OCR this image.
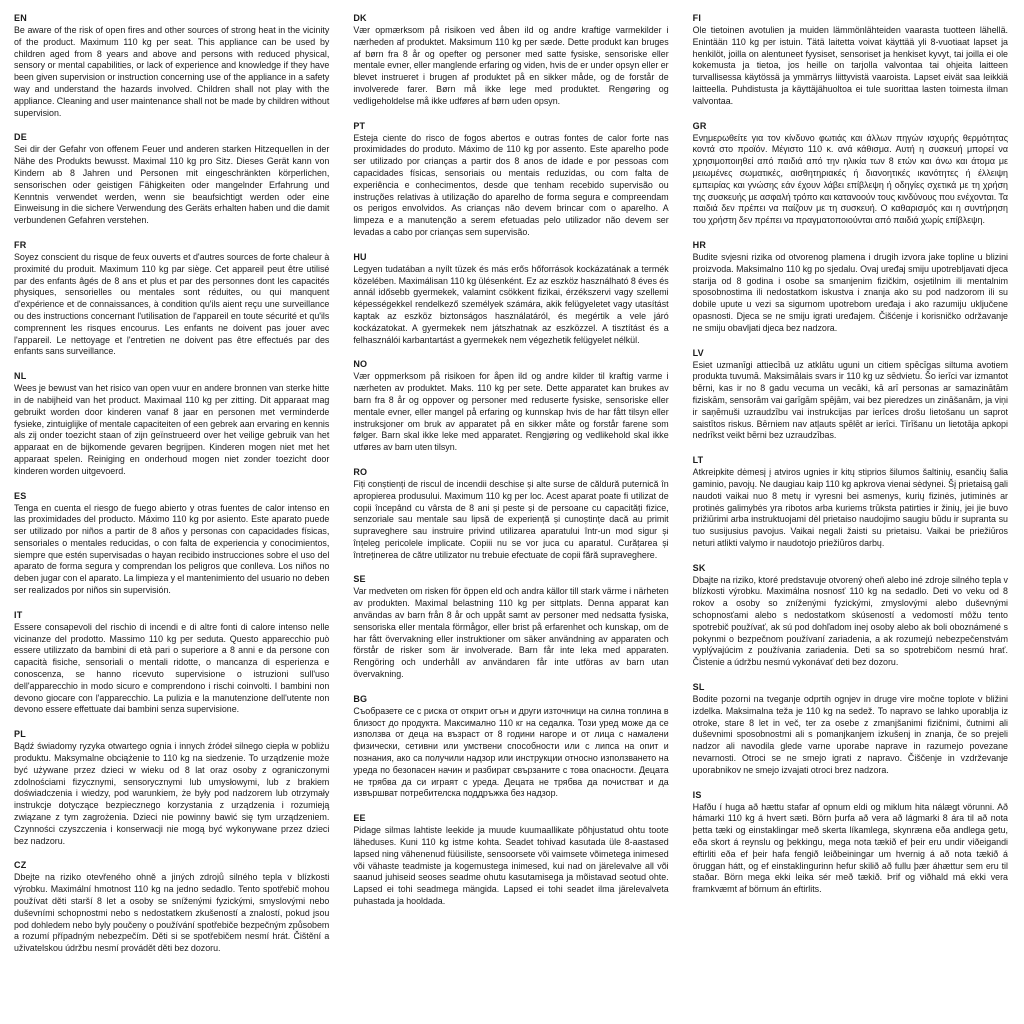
EN

Be aware of the risk of open fires and other sources of strong heat in the vicinity of the product. Maximum 110 kg per seat. This appliance can be used by children aged from 8 years and above and persons with reduced physical, sensory or mental capabilities, or lack of experience and knowledge if they have been given supervision or instruction concerning use of the appliance in a safety way and understand the hazards involved. Children shall not play with the appliance. Cleaning and user maintenance shall not be made by children without supervision.

DE

Sei dir der Gefahr von offenem Feuer und anderen starken Hitzequellen in der Nähe des Produkts bewusst. Maximal 110 kg pro Sitz. Dieses Gerät kann von Kindern ab 8 Jahren und Personen mit eingeschränkten körperlichen, sensorischen oder geistigen Fähigkeiten oder mangelnder Erfahrung und Kenntnis verwendet werden, wenn sie beaufsichtigt werden oder eine Einweisung in die sichere Verwendung des Geräts erhalten haben und die damit verbundenen Gefahren verstehen.

FR

Soyez conscient du risque de feux ouverts et d'autres sources de forte chaleur à proximité du produit. Maximum 110 kg par siège. Cet appareil peut être utilisé par des enfants âgés de 8 ans et plus et par des personnes dont les capacités physiques, sensorielles ou mentales sont réduites, ou qui manquent d'expérience et de connaissances, à condition qu'ils aient reçu une surveillance ou des instructions concernant l'utilisation de l'appareil en toute sécurité et qu'ils comprennent les risques encourus. Les enfants ne doivent pas jouer avec l'appareil. Le nettoyage et l'entretien ne doivent pas être effectués par des enfants sans surveillance.

NL

Wees je bewust van het risico van open vuur en andere bronnen van sterke hitte in de nabijheid van het product. Maximaal 110 kg per zitting. Dit apparaat mag gebruikt worden door kinderen vanaf 8 jaar en personen met verminderde fysieke, zintuiglijke of mentale capaciteiten of een gebrek aan ervaring en kennis als zij onder toezicht staan of zijn geïnstrueerd over het veilige gebruik van het apparaat en de bijkomende gevaren begrijpen. Kinderen mogen niet met het apparaat spelen. Reiniging en onderhoud mogen niet zonder toezicht door kinderen worden uitgevoerd.

ES

Tenga en cuenta el riesgo de fuego abierto y otras fuentes de calor intenso en las proximidades del producto. Máximo 110 kg por asiento. Este aparato puede ser utilizado por niños a partir de 8 años y personas con capacidades físicas, sensoriales o mentales reducidas, o con falta de experiencia y conocimientos, siempre que estén supervisadas o hayan recibido instrucciones sobre el uso del aparato de forma segura y comprendan los peligros que conlleva. Los niños no deben jugar con el aparato. La limpieza y el mantenimiento del usuario no deben ser realizados por niños sin supervisión.

IT

Essere consapevoli del rischio di incendi e di altre fonti di calore intenso nelle vicinanze del prodotto. Massimo 110 kg per seduta. Questo apparecchio può essere utilizzato da bambini di età pari o superiore a 8 anni e da persone con capacità fisiche, sensoriali o mentali ridotte, o mancanza di esperienza e conoscenza, se hanno ricevuto supervisione o istruzioni sull'uso dell'apparecchio in modo sicuro e comprendono i rischi coinvolti. I bambini non devono giocare con l'apparecchio. La pulizia e la manutenzione dell'utente non devono essere effettuate dai bambini senza supervisione.

PL

Bądź świadomy ryzyka otwartego ognia i innych źródeł silnego ciepła w pobliżu produktu. Maksymalne obciążenie to 110 kg na siedzenie. To urządzenie może być używane przez dzieci w wieku od 8 lat oraz osoby z ograniczonymi zdolnościami fizycznymi, sensorycznymi lub umysłowymi, lub z brakiem doświadczenia i wiedzy, pod warunkiem, że były pod nadzorem lub otrzymały instrukcje dotyczące bezpiecznego korzystania z urządzenia i rozumieją związane z tym zagrożenia. Dzieci nie powinny bawić się tym urządzeniem. Czynności czyszczenia i konserwacji nie mogą być wykonywane przez dzieci bez nadzoru.

CZ

Dbejte na riziko otevřeného ohně a jiných zdrojů silného tepla v blízkosti výrobku. Maximální hmotnost 110 kg na jedno sedadlo. Tento spotřebič mohou používat děti starší 8 let a osoby se sníženými fyzickými, smyslovými nebo duševními schopnostmi nebo s nedostatkem zkušeností a znalostí, pokud jsou pod dohledem nebo byly poučeny o používání spotřebiče bezpečným způsobem a rozumí případným nebezpečím. Děti si se spotřebičem nesmí hrát. Čištění a uživatelskou údržbu nesmí provádět děti bez dozoru.

DK

Vær opmærksom på risikoen ved åben ild og andre kraftige varmekilder i nærheden af produktet. Maksimum 110 kg per sæde. Dette produkt kan bruges af børn fra 8 år og opefter og personer med satte fysiske, sensoriske eller mentale evner, eller manglende erfaring og viden, hvis de er under opsyn eller er blevet instrueret i brugen af produktet på en sikker måde, og de forstår de involverede farer. Børn må ikke lege med produktet. Rengøring og vedligeholdelse må ikke udføres af børn uden opsyn.

PT

Esteja ciente do risco de fogos abertos e outras fontes de calor forte nas proximidades do produto. Máximo de 110 kg por assento. Este aparelho pode ser utilizado por crianças a partir dos 8 anos de idade e por pessoas com capacidades físicas, sensoriais ou mentais reduzidas, ou com falta de experiência e conhecimentos, desde que tenham recebido supervisão ou instruções relativas à utilização do aparelho de forma segura e compreendam os perigos envolvidos. As crianças não devem brincar com o aparelho. A limpeza e a manutenção a serem efetuadas pelo utilizador não devem ser levadas a cabo por crianças sem supervisão.

HU

Legyen tudatában a nyílt tüzek és más erős hőforrások kockázatának a termék közelében. Maximálisan 110 kg ülésenként. Ez az eszköz használható 8 éves és annál idősebb gyermekek, valamint csökkent fizikai, érzékszervi vagy szellemi képességekkel rendelkező személyek számára, akik felügyeletet vagy utasítást kaptak az eszköz biztonságos használatáról, és megértik a vele járó kockázatokat. A gyermekek nem játszhatnak az eszközzel. A tisztítást és a felhasználói karbantartást a gyermekek nem végezhetik felügyelet nélkül.

NO

Vær oppmerksom på risikoen for åpen ild og andre kilder til kraftig varme i nærheten av produktet. Maks. 110 kg per sete. Dette apparatet kan brukes av barn fra 8 år og oppover og personer med reduserte fysiske, sensoriske eller mentale evner, eller mangel på erfaring og kunnskap hvis de har fått tilsyn eller instruksjoner om bruk av apparatet på en sikker måte og forstår farene som følger. Barn skal ikke leke med apparatet. Rengjøring og vedlikehold skal ikke utføres av barn uten tilsyn.

RO

Fiți conștienți de riscul de incendii deschise și alte surse de căldură puternică în apropierea produsului. Maximum 110 kg per loc. Acest aparat poate fi utilizat de copii începând cu vârsta de 8 ani și peste și de persoane cu capacități fizice, senzoriale sau mentale sau lipsă de experiență și cunoștințe dacă au primit supraveghere sau instruire privind utilizarea aparatului într-un mod sigur și înțeleg pericolele implicate. Copiii nu se vor juca cu aparatul. Curățarea și întreținerea de către utilizator nu trebuie efectuate de copii fără supraveghere.

SE

Var medveten om risken för öppen eld och andra källor till stark värme i närheten av produkten. Maximal belastning 110 kg per sittplats. Denna apparat kan användas av barn från 8 år och uppåt samt av personer med nedsatta fysiska, sensoriska eller mentala förmågor, eller brist på erfarenhet och kunskap, om de har fått övervakning eller instruktioner om säker användning av apparaten och förstår de risker som är involverade. Barn får inte leka med apparaten. Rengöring och underhåll av användaren får inte utföras av barn utan övervakning.

BG

Съобразете се с риска от открит огън и други източници на силна топлина в близост до продукта. Максимално 110 кг на седалка. Този уред може да се използва от деца на възраст от 8 години нагоре и от лица с намалени физически, сетивни или умствени способности или с липса на опит и познания, ако са получили надзор или инструкции относно използването на уреда по безопасен начин и разбират свързаните с това опасности. Децата не трябва да си играят с уреда. Децата не трябва да почистват и да извършват потребителска поддръжка без надзор.

EE

Pidage silmas lahtiste leekide ja muude kuumaallikate põhjustatud ohtu toote läheduses. Kuni 110 kg istme kohta. Seadet tohivad kasutada üle 8-aastased lapsed ning vähenenud füüsiliste, sensoorsete või vaimsete võimetega inimesed või vähaste teadmiste ja kogemustega inimesed, kui nad on järelevalve all või saanud juhiseid seoses seadme ohutu kasutamisega ja mõistavad seotud ohte. Lapsed ei tohi seadmega mängida. Lapsed ei tohi seadet ilma järelevalveta puhastada ja hooldada.

FI

Ole tietoinen avotulien ja muiden lämmönlähteiden vaarasta tuotteen lähellä. Enintään 110 kg per istuin. Tätä laitetta voivat käyttää yli 8-vuotiaat lapset ja henkilöt, joilla on alentuneet fyysiset, sensoriset ja henkiset kyvyt, tai joilla ei ole kokemusta ja tietoa, jos heille on tarjolla valvontaa tai ohjeita laitteen turvallisessa käytössä ja ymmärrys liittyvistä vaaroista. Lapset eivät saa leikkiä laitteella. Puhdistusta ja käyttäjähuoltoa ei tule suorittaa lasten toimesta ilman valvontaa.

GR

Ενημερωθείτε για τον κίνδυνο φωτιάς και άλλων πηγών ισχυρής θερμότητας κοντά στο προϊόν. Μέγιστο 110 κ. ανά κάθισμα. Αυτή η συσκευή μπορεί να χρησιμοποιηθεί από παιδιά από την ηλικία των 8 ετών και άνω και άτομα με μειωμένες σωματικές, αισθητηριακές ή διανοητικές ικανότητες ή έλλειψη εμπειρίας και γνώσης εάν έχουν λάβει επίβλεψη ή οδηγίες σχετικά με τη χρήση της συσκευής με ασφαλή τρόπο και κατανοούν τους κινδύνους που ενέχονται. Τα παιδιά δεν πρέπει να παίζουν με τη συσκευή. Ο καθαρισμός και η συντήρηση του χρήστη δεν πρέπει να πραγματοποιούνται από παιδιά χωρίς επίβλεψη.

HR

Budite svjesni rizika od otvorenog plamena i drugih izvora jake topline u blizini proizvoda. Maksimalno 110 kg po sjedalu. Ovaj uređaj smiju upotrebljavati djeca starija od 8 godina i osobe sa smanjenim fizičkim, osjetilnim ili mentalnim sposobnostima ili nedostatkom iskustva i znanja ako su pod nadzorom ili su dobile upute u vezi sa sigurnom upotrebom uređaja i ako razumiju uključene opasnosti. Djeca se ne smiju igrati uređajem. Čišćenje i korisničko održavanje ne smiju obavljati djeca bez nadzora.

LV

Esiet uzmanīgi attiecībā uz atklātu uguni un citiem spēcīgas siltuma avotiem produkta tuvumā. Maksimālais svars ir 110 kg uz sēdvietu. Šo ierīci var izmantot bērni, kas ir no 8 gadu vecuma un vecāki, kā arī personas ar samazinātām fiziskām, sensorām vai garīgām spējām, vai bez pieredzes un zināšanām, ja viņi ir saņēmuši uzraudzību vai instrukcijas par ierīces drošu lietošanu un saprot saistītos riskus. Bērniem nav atļauts spēlēt ar ierīci. Tīrīšanu un lietotāja apkopi nedrīkst veikt bērni bez uzraudzības.

LT

Atkreipkite dėmesį į atviros ugnies ir kitų stiprios šilumos šaltinių, esančių šalia gaminio, pavojų. Ne daugiau kaip 110 kg apkrova vienai sėdynei. Šį prietaisą gali naudoti vaikai nuo 8 metų ir vyresni bei asmenys, kurių fizinės, jutiminės ar protinės galimybės yra ribotos arba kuriems trūksta patirties ir žinių, jei jie buvo prižiūrimi arba instruktuojami dėl prietaiso naudojimo saugiu būdu ir supranta su tuo susijusius pavojus. Vaikai negali žaisti su prietaisu. Vaikai be priežiūros neturi atlikti valymo ir naudotojo priežiūros darbų.

SK

Dbajte na riziko, ktoré predstavuje otvorený oheň alebo iné zdroje silného tepla v blízkosti výrobku. Maximálna nosnosť 110 kg na sedadlo. Deti vo veku od 8 rokov a osoby so zníženými fyzickými, zmyslovými alebo duševnými schopnosťami alebo s nedostatkom skúseností a vedomostí môžu tento spotrebič používať, ak sú pod dohľadom inej osoby alebo ak boli oboznámené s pokynmi o bezpečnom používaní zariadenia, a ak rozumejú nebezpečenstvám vyplývajúcim z používania zariadenia. Deti sa so spotrebičom nesmú hrať. Čistenie a údržbu nesmú vykonávať deti bez dozoru.

SL

Bodite pozorni na tveganje odprtih ognjev in druge vire močne toplote v bližini izdelka. Maksimalna teža je 110 kg na sedež. To napravo se lahko uporablja iz otroke, stare 8 let in več, ter za osebe z zmanjšanimi fizičnimi, čutnimi ali duševnimi sposobnostmi ali s pomanjkanjem izkušenj in znanja, če so prejeli nadzor ali navodila glede varne uporabe naprave in razumejo povezane nevarnosti. Otroci se ne smejo igrati z napravo. Čiščenje in vzdrževanje uporabnikov ne smejo izvajati otroci brez nadzora.

IS

Hafðu í huga að hættu stafar af opnum eldi og miklum hita nálægt vörunni. Að hámarki 110 kg á hvert sæti. Börn þurfa að vera að lágmarki 8 ára til að nota þetta tæki og einstaklingar með skerta líkamlega, skynræna eða andlega getu, eða skort á reynslu og þekkingu, mega nota tækið ef þeir eru undir viðeigandi eftirliti eða ef þeir hafa fengið leiðbeiningar um hvernig á að nota tækið á öruggan hátt, og ef einstaklingurinn hefur skilið að fullu þær áhættur sem eru til staðar. Börn mega ekki leika sér með tækið. Þrif og viðhald má ekki vera framkvæmt af börnum án eftirlits.
